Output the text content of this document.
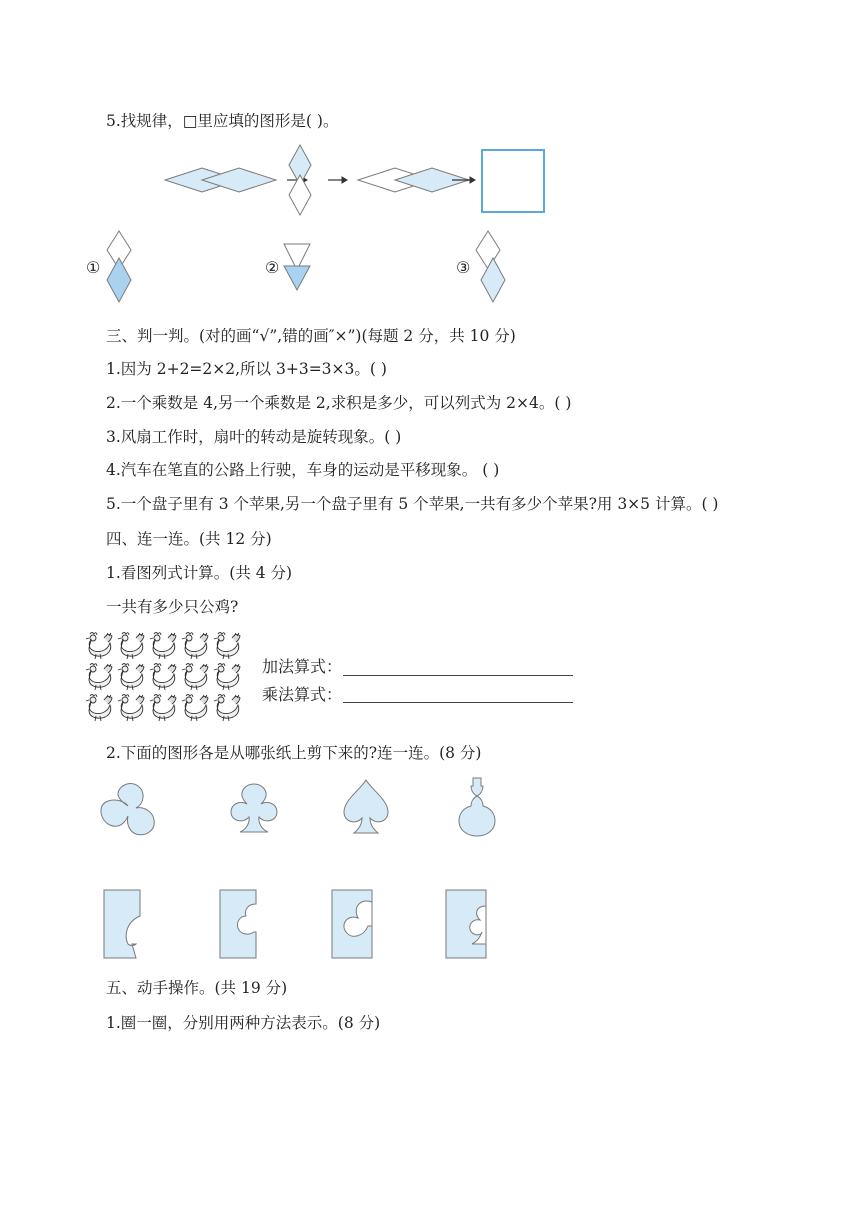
5.找规律，□里应填的图形是( )。
①	②	③
三、判一判。(对的画“√”,错的画″×”)(每题 2 分，共 10 分)
1.因为 2+2=2×2,所以 3+3=3×3。( )
2.一个乘数是 4,另一个乘数是 2,求积是多少，可以列式为 2×4。( )
3.风扇工作时，扇叶的转动是旋转现象。( )
4.汽车在笔直的公路上行驶，车身的运动是平移现象。 ( )
5.一个盘子里有 3 个苹果,另一个盘子里有 5 个苹果,一共有多少个苹果?用 3×5 计算。( )
四、连一连。(共 12 分)
1.看图列式计算。(共 4 分)
一共有多少只公鸡?
加法算式：
乘法算式：
2.下面的图形各是从哪张纸上剪下来的?连一连。(8 分)
五、动手操作。(共 19 分)
1.圈一圈，分别用两种方法表示。(8 分)
